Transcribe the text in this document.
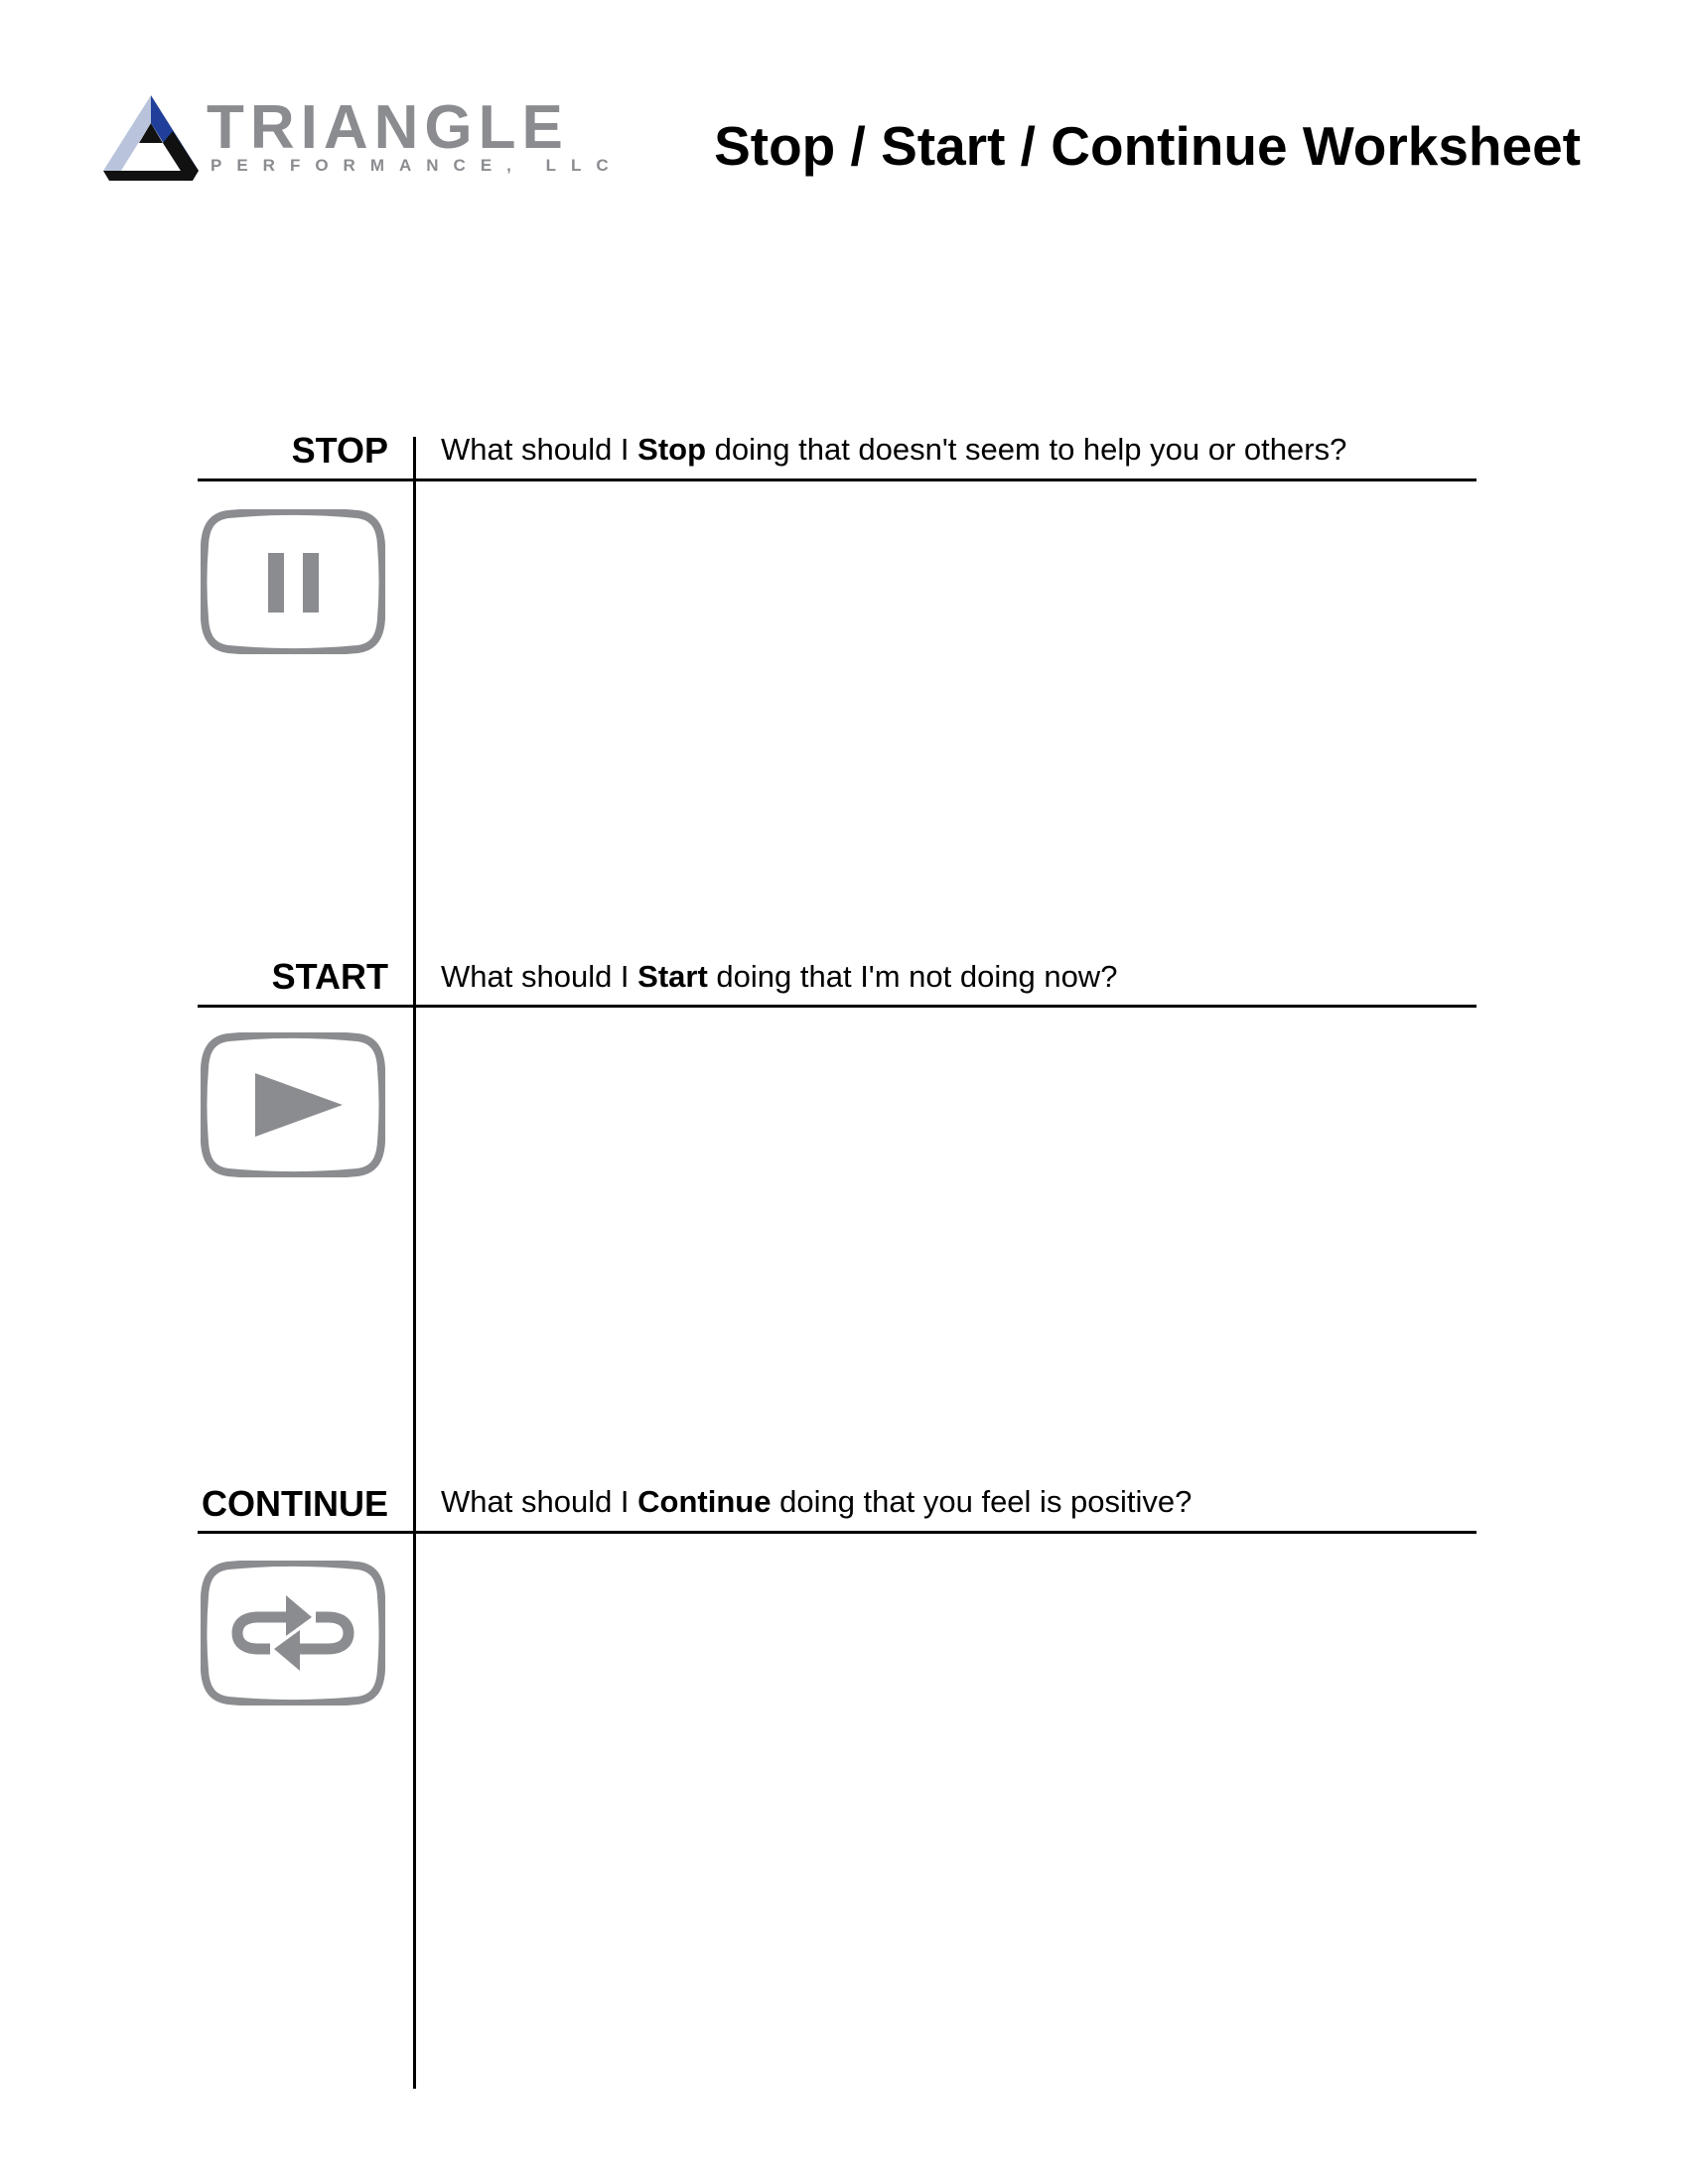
TRIANGLE
PERFORMANCE, LLC Stop / Start / Continue Worksheet
STOP What should I Stop doing that doesn't seem to help you or others?
START What should I Start doing that I'm not doing now?
CONTINUE What should I Continue doing that you feel is positive?
